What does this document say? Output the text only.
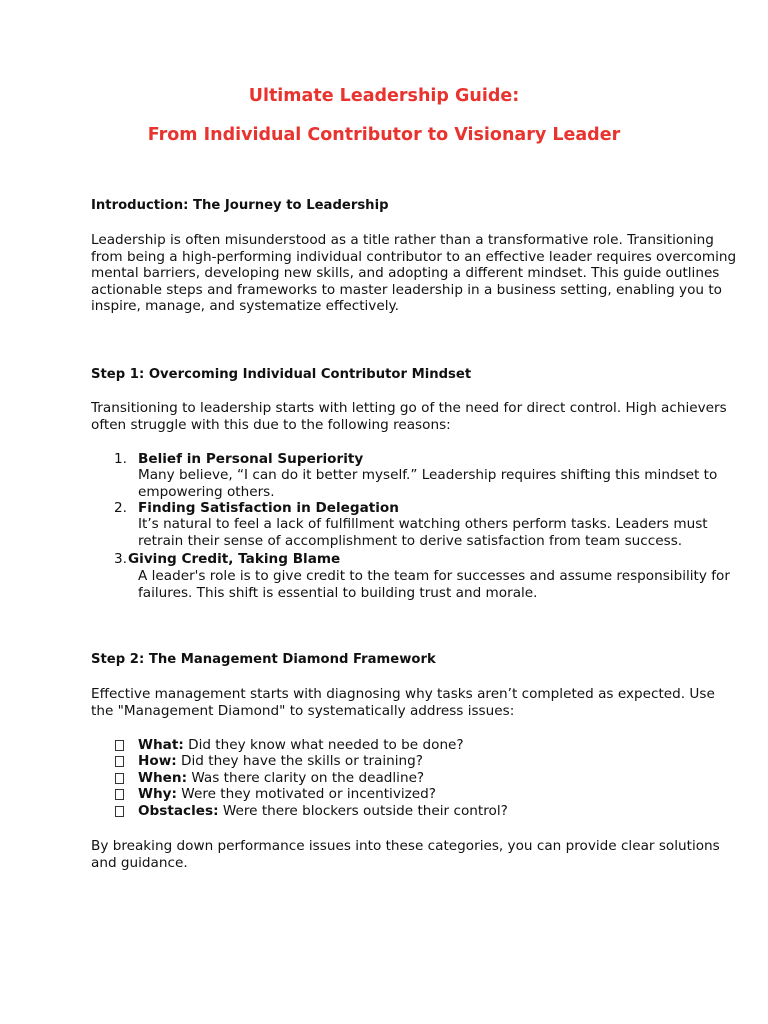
Ultimate Leadership Guide:
From Individual Contributor to Visionary Leader
Introduction: The Journey to Leadership

Leadership is often misunderstood as a title rather than a transformative role. Transitioning from being a high-performing individual contributor to an effective leader requires overcoming mental barriers, developing new skills, and adopting a different mindset. This guide outlines actionable steps and frameworks to master leadership in a business setting, enabling you to inspire, manage, and systematize effectively.

Step 1: Overcoming Individual Contributor Mindset

Transitioning to leadership starts with letting go of the need for direct control. High achievers often struggle with this due to the following reasons:

1. Belief in Personal Superiority

Many believe, “I can do it better myself.” Leadership requires shifting this mindset to empowering others.

2. Finding Satisfaction in Delegation

It’s natural to feel a lack of fulfillment watching others perform tasks. Leaders must retrain their sense of accomplishment to derive satisfaction from team success.

3. Giving Credit, Taking Blame

A leader's role is to give credit to the team for successes and assume responsibility for failures. This shift is essential to building trust and morale.

Step 2: The Management Diamond Framework

Effective management starts with diagnosing why tasks aren’t completed as expected. Use the "Management Diamond" to systematically address issues:

What: Did they know what needed to be done?
How: Did they have the skills or training?
When: Was there clarity on the deadline?
Why: Were they motivated or incentivized?
Obstacles: Were there blockers outside their control?

By breaking down performance issues into these categories, you can provide clear solutions and guidance.
